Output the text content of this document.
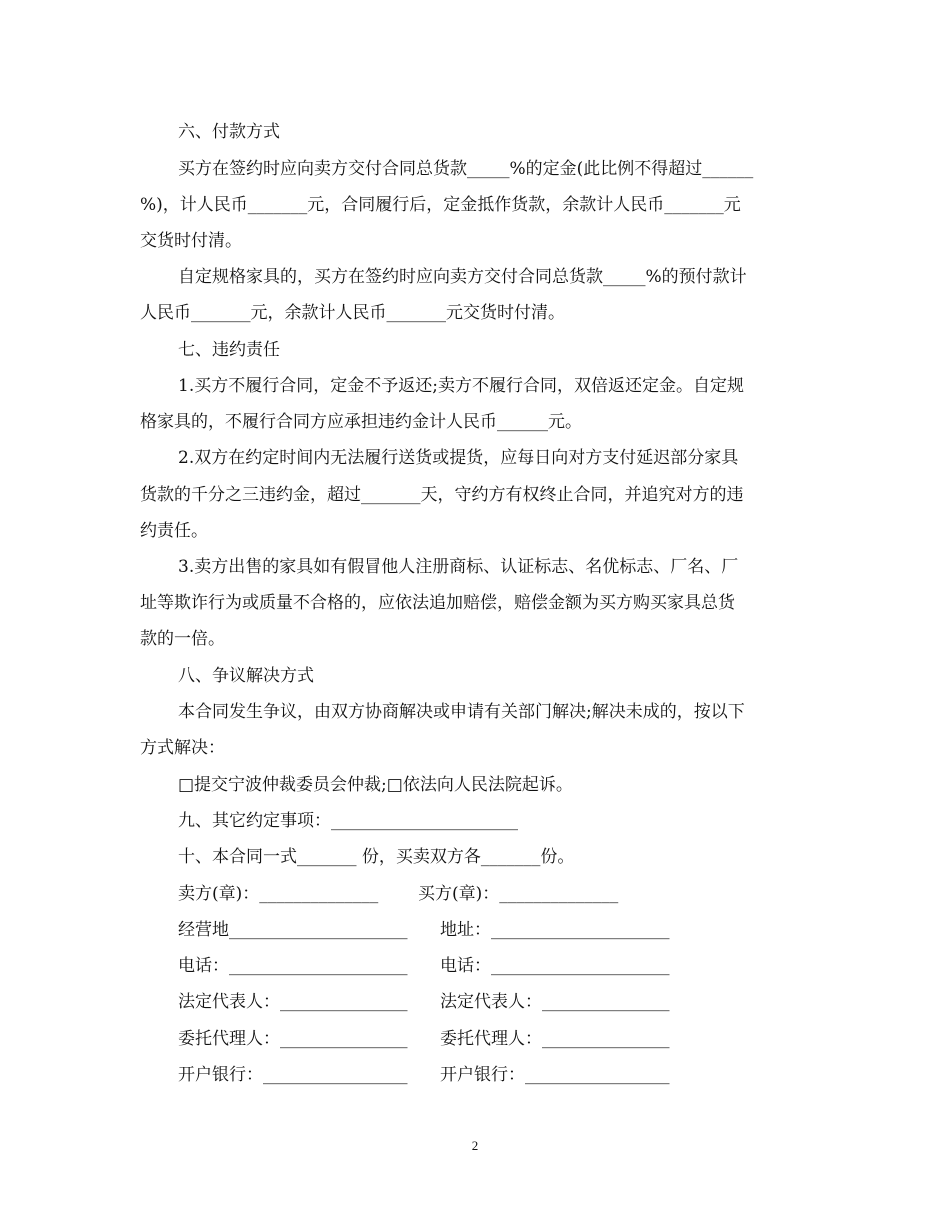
六、付款方式
买方在签约时应向卖方交付合同总货款_____%的定金(此比例不得超过______
%)，计人民币_______元，合同履行后，定金抵作货款，余款计人民币_______元
交货时付清。
自定规格家具的，买方在签约时应向卖方交付合同总货款_____%的预付款计
人民币_______元，余款计人民币_______元交货时付清。
七、违约责任
1.买方不履行合同，定金不予返还;卖方不履行合同，双倍返还定金。自定规
格家具的，不履行合同方应承担违约金计人民币______元。
2.双方在约定时间内无法履行送货或提货，应每日向对方支付延迟部分家具
货款的千分之三违约金，超过_______天，守约方有权终止合同，并追究对方的违
约责任。
3.卖方出售的家具如有假冒他人注册商标、认证标志、名优标志、厂名、厂
址等欺诈行为或质量不合格的，应依法追加赔偿，赔偿金额为买方购买家具总货
款的一倍。
八、争议解决方式
本合同发生争议，由双方协商解决或申请有关部门解决;解决未成的，按以下
方式解决：
□提交宁波仲裁委员会仲裁;□依法向人民法院起诉。
九、其它约定事项：______________________
十、本合同一式_______ 份，买卖双方各_______份。
卖方(章)：______________ 买方(章)：______________
经营地_____________________ 地址：_____________________
电话：_____________________ 电话：_____________________
法定代表人：_______________ 法定代表人：_______________
委托代理人：_______________ 委托代理人：_______________
开户银行：_________________ 开户银行：_________________
2
